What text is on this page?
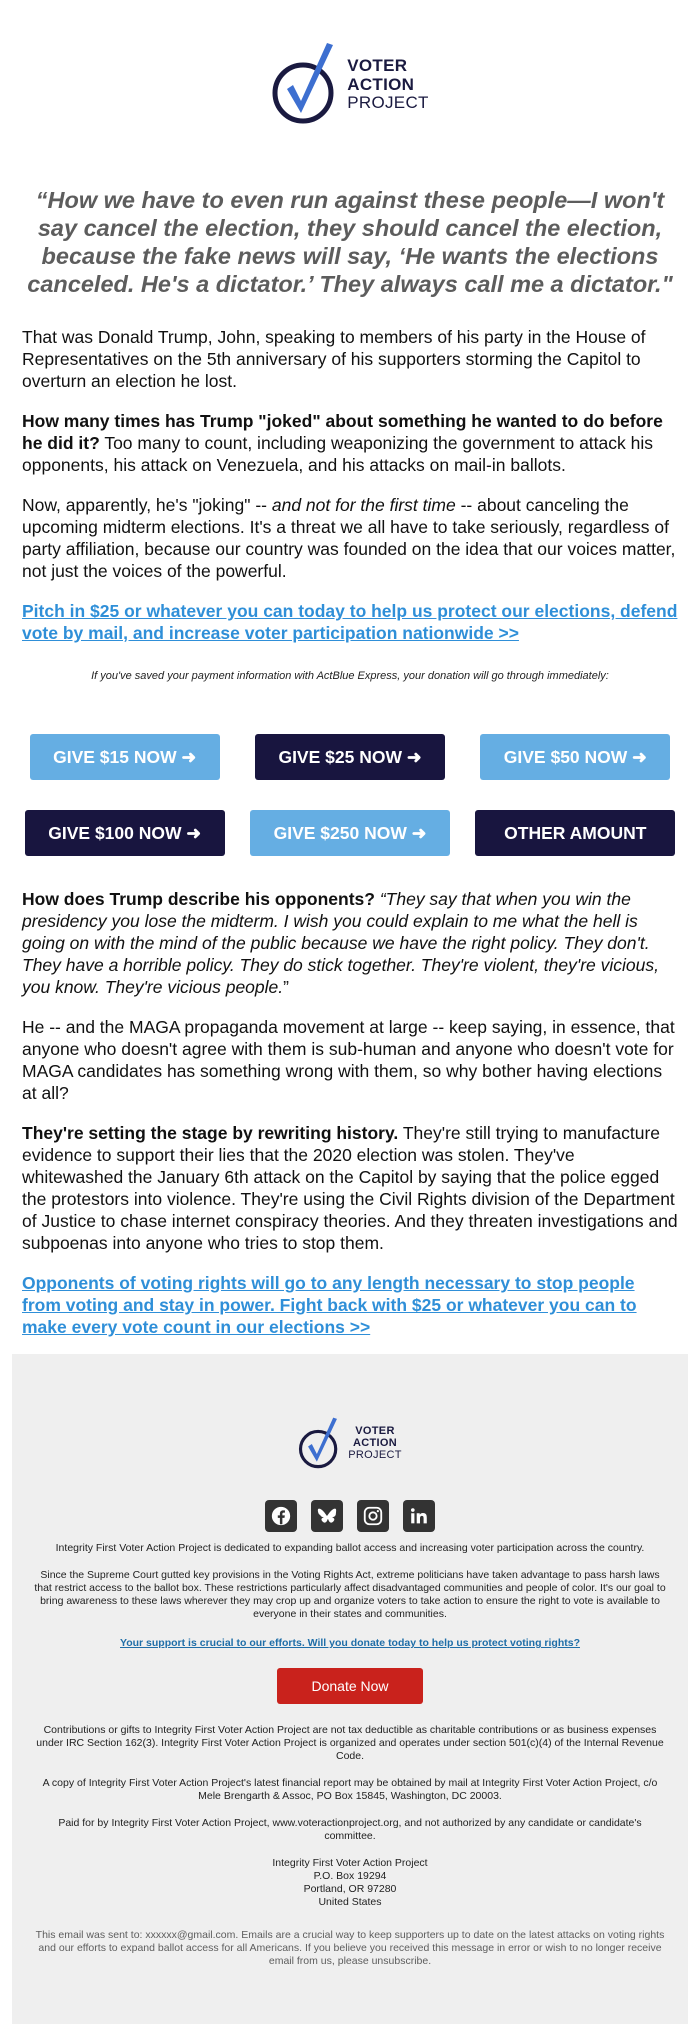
VOTER
ACTION
PROJECT
“How we have to even run against these people—I won't say cancel the election, they should cancel the election, because the fake news will say, ‘He wants the elections canceled. He's a dictator.’ They always call me a dictator."

That was Donald Trump, John, speaking to members of his party in the House of Representatives on the 5th anniversary of his supporters storming the Capitol to overturn an election he lost.

How many times has Trump "joked" about something he wanted to do before he did it? Too many to count, including weaponizing the government to attack his opponents, his attack on Venezuela, and his attacks on mail-in ballots.

Now, apparently, he's "joking" -- and not for the first time -- about canceling the upcoming midterm elections. It's a threat we all have to take seriously, regardless of party affiliation, because our country was founded on the idea that our voices matter, not just the voices of the powerful.

Pitch in $25 or whatever you can today to help us protect our elections, defend vote by mail, and increase voter participation nationwide >>

If you've saved your payment information with ActBlue Express, your donation will go through immediately:
GIVE $15 NOW ➜	GIVE $25 NOW ➜	GIVE $50 NOW ➜
GIVE $100 NOW ➜	GIVE $250 NOW ➜	OTHER AMOUNT

How does Trump describe his opponents? “They say that when you win the presidency you lose the midterm. I wish you could explain to me what the hell is going on with the mind of the public because we have the right policy. They don't. They have a horrible policy. They do stick together. They're violent, they're vicious, you know. They're vicious people.”

He -- and the MAGA propaganda movement at large -- keep saying, in essence, that anyone who doesn't agree with them is sub-human and anyone who doesn't vote for MAGA candidates has something wrong with them, so why bother having elections at all?

They're setting the stage by rewriting history. They're still trying to manufacture evidence to support their lies that the 2020 election was stolen. They've whitewashed the January 6th attack on the Capitol by saying that the police egged the protestors into violence. They're using the Civil Rights division of the Department of Justice to chase internet conspiracy theories. And they threaten investigations and subpoenas into anyone who tries to stop them.

Opponents of voting rights will go to any length necessary to stop people from voting and stay in power. Fight back with $25 or whatever you can to make every vote count in our elections >>

VOTER
ACTION
PROJECT
Integrity First Voter Action Project is dedicated to expanding ballot access and increasing voter participation across the country.
Since the Supreme Court gutted key provisions in the Voting Rights Act, extreme politicians have taken advantage to pass harsh laws that restrict access to the ballot box. These restrictions particularly affect disadvantaged communities and people of color. It's our goal to bring awareness to these laws wherever they may crop up and organize voters to take action to ensure the right to vote is available to everyone in their states and communities.
Your support is crucial to our efforts. Will you donate today to help us protect voting rights?
Donate Now
Contributions or gifts to Integrity First Voter Action Project are not tax deductible as charitable contributions or as business expenses under IRC Section 162(3). Integrity First Voter Action Project is organized and operates under section 501(c)(4) of the Internal Revenue Code.
A copy of Integrity First Voter Action Project's latest financial report may be obtained by mail at Integrity First Voter Action Project, c/o Mele Brengarth & Assoc, PO Box 15845, Washington, DC 20003.
Paid for by Integrity First Voter Action Project, www.voteractionproject.org, and not authorized by any candidate or candidate's committee.
Integrity First Voter Action Project
P.O. Box 19294
Portland, OR 97280
United States
This email was sent to: xxxxxx@gmail.com. Emails are a crucial way to keep supporters up to date on the latest attacks on voting rights and our efforts to expand ballot access for all Americans. If you believe you received this message in error or wish to no longer receive email from us, please unsubscribe.
